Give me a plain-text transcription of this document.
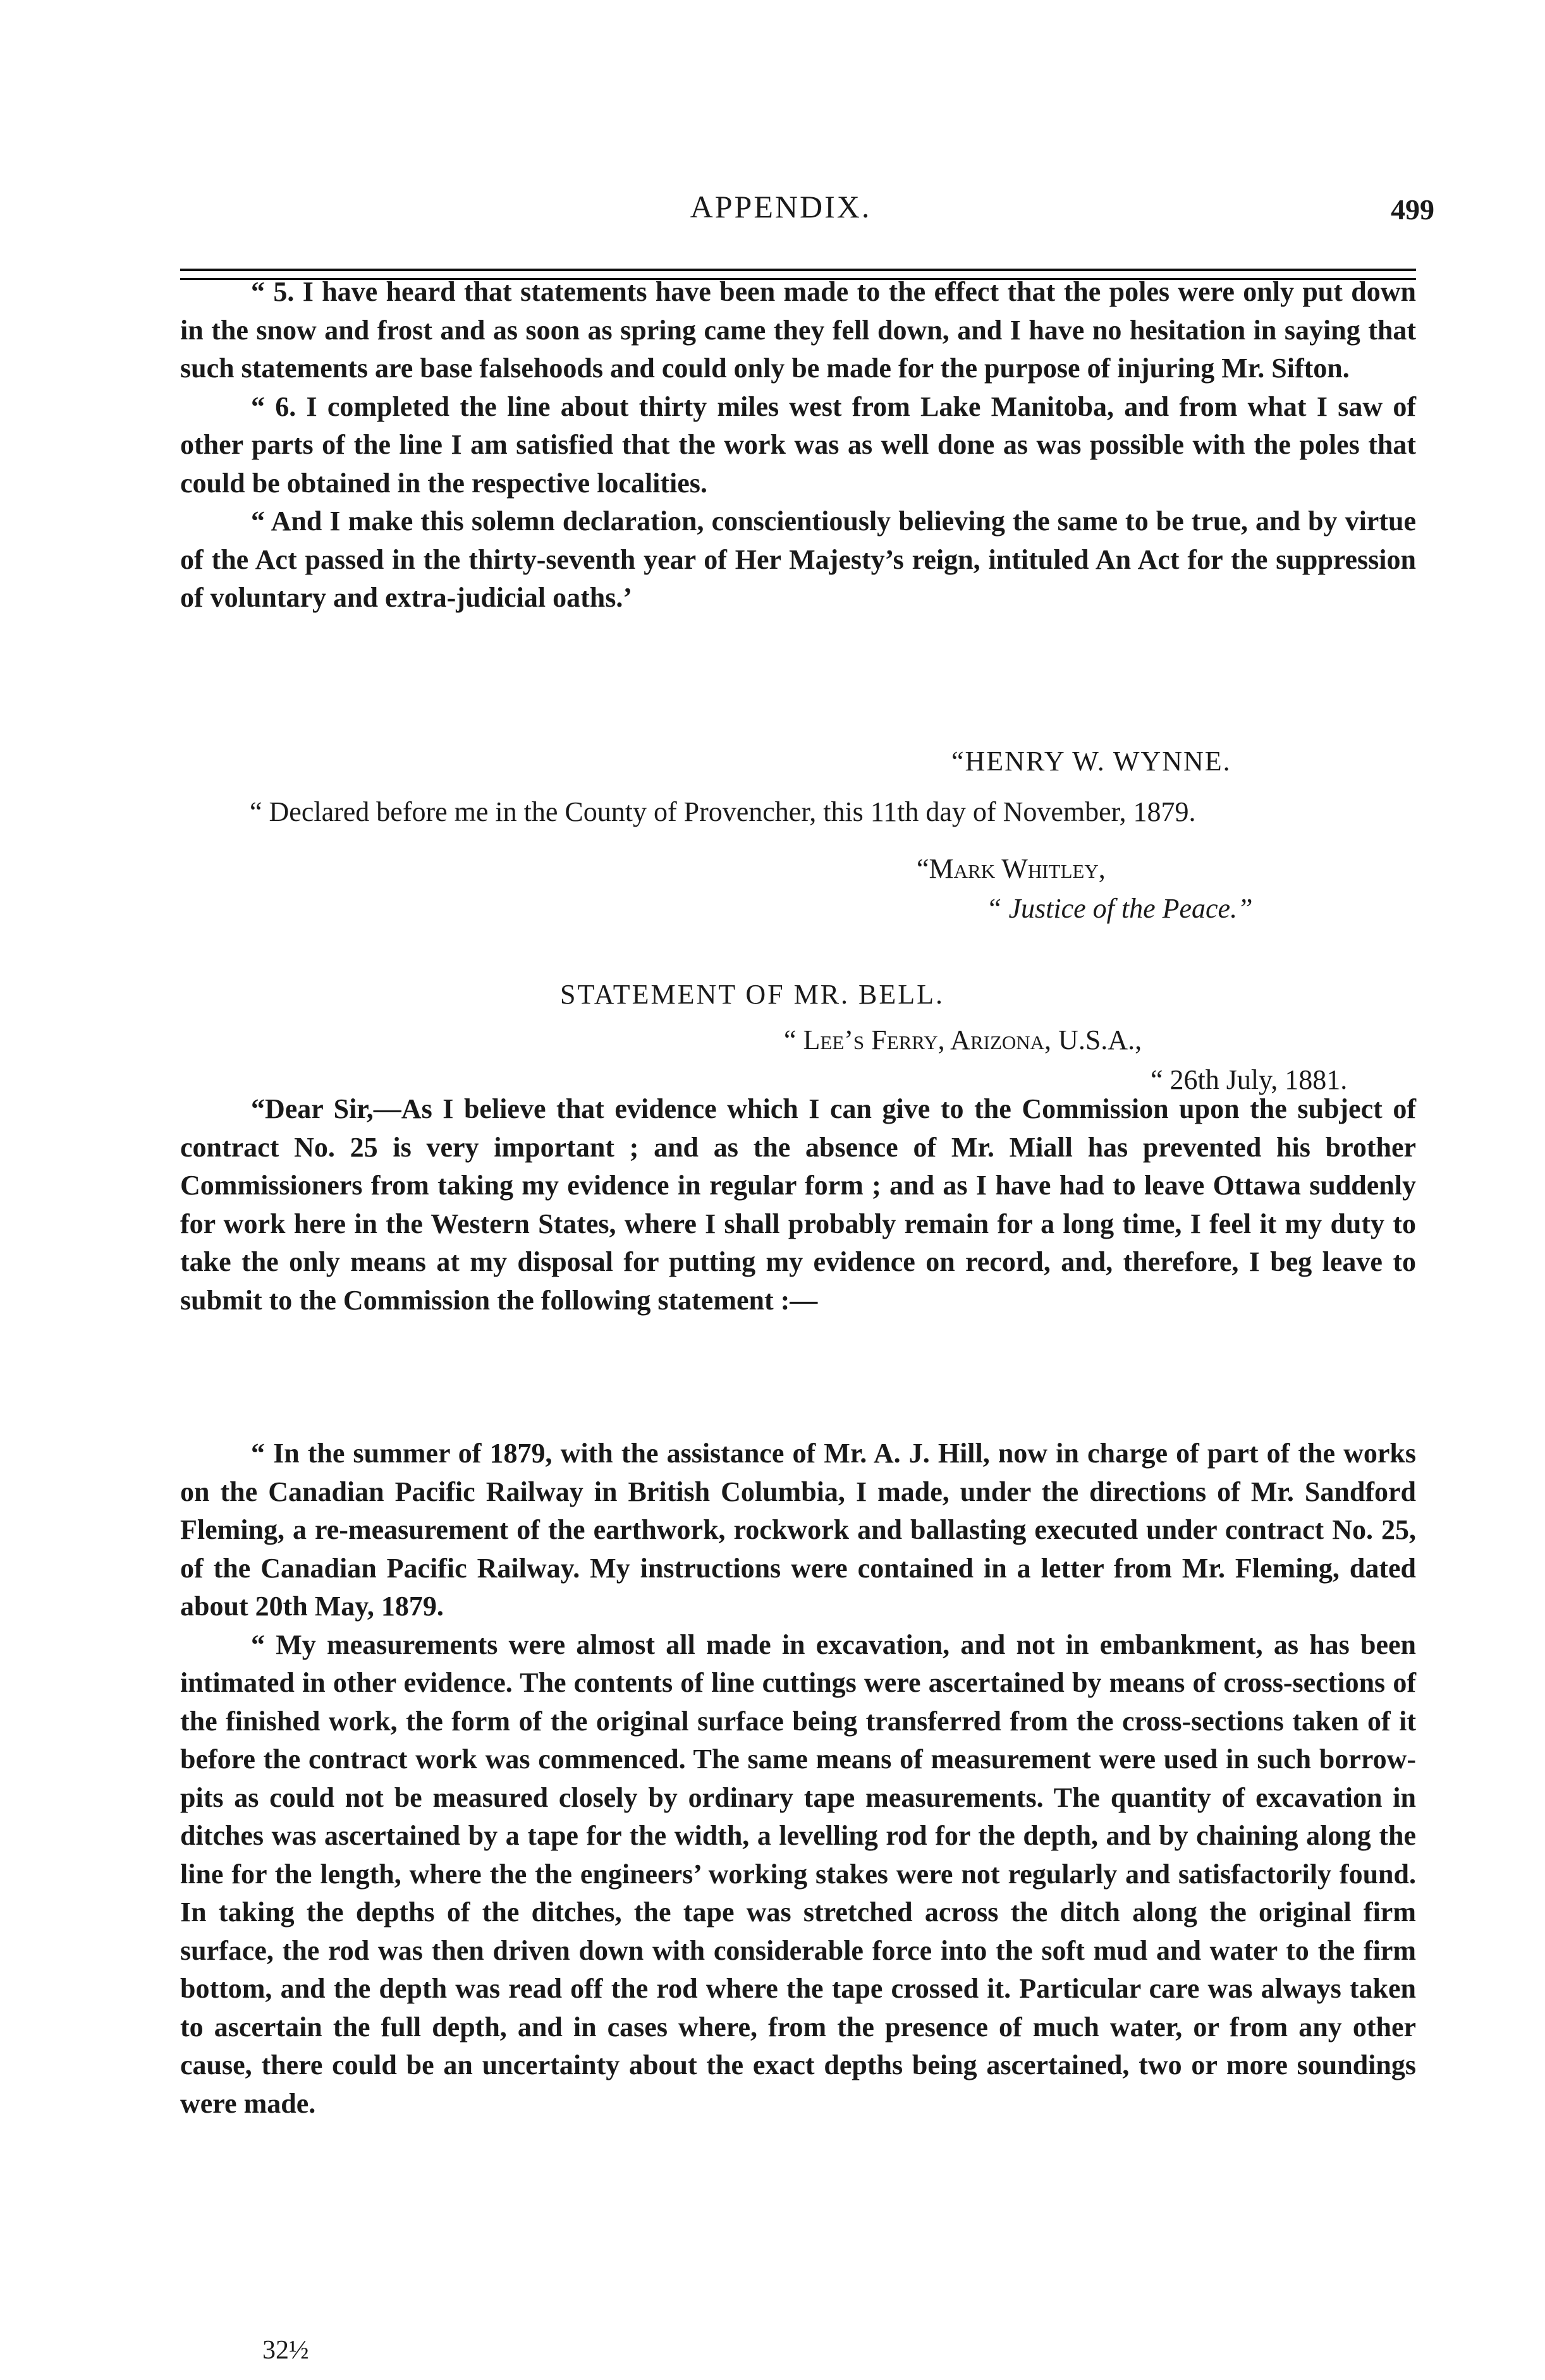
APPENDIX.	499

“ 5. I have heard that statements have been made to the effect that the poles were only put down in the snow and frost and as soon as spring came they fell down, and I have no hesitation in saying that such statements are base falsehoods and could only be made for the purpose of injuring Mr. Sifton.

“ 6. I completed the line about thirty miles west from Lake Manitoba, and from what I saw of other parts of the line I am satisfied that the work was as well done as was possible with the poles that could be obtained in the respective localities.

“ And I make this solemn declaration, conscientiously believing the same to be true, and by virtue of the Act passed in the thirty-seventh year of Her Majesty’s reign, intituled An Act for the suppression of voluntary and extra-judicial oaths.’

“HENRY W. WYNNE.
“ Declared before me in the County of Provencher, this 11th day of November, 1879.
“Mark Whitley,
“ Justice of the Peace.”
STATEMENT OF MR. BELL.
“ Lee’s Ferry, Arizona, U.S.A.,
“ 26th July, 1881.

“Dear Sir,—As I believe that evidence which I can give to the Commission upon the subject of contract No. 25 is very important ; and as the absence of Mr. Miall has prevented his brother Commissioners from taking my evidence in regular form ; and as I have had to leave Ottawa suddenly for work here in the Western States, where I shall probably remain for a long time, I feel it my duty to take the only means at my disposal for putting my evidence on record, and, therefore, I beg leave to submit to the Commission the following statement :—

“ In the summer of 1879, with the assistance of Mr. A. J. Hill, now in charge of part of the works on the Canadian Pacific Railway in British Columbia, I made, under the directions of Mr. Sandford Fleming, a re-measurement of the earthwork, rockwork and ballasting executed under contract No. 25, of the Canadian Pacific Railway. My instructions were contained in a letter from Mr. Fleming, dated about 20th May, 1879.

“ My measurements were almost all made in excavation, and not in embankment, as has been intimated in other evidence. The contents of line cuttings were ascertained by means of cross-sections of the finished work, the form of the original surface being transferred from the cross-sections taken of it before the contract work was commenced. The same means of measurement were used in such borrow-pits as could not be measured closely by ordinary tape measurements. The quantity of excavation in ditches was ascertained by a tape for the width, a levelling rod for the depth, and by chaining along the line for the length, where the the engineers’ working stakes were not regularly and satisfactorily found. In taking the depths of the ditches, the tape was stretched across the ditch along the original firm surface, the rod was then driven down with considerable force into the soft mud and water to the firm bottom, and the depth was read off the rod where the tape crossed it. Particular care was always taken to ascertain the full depth, and in cases where, from the presence of much water, or from any other cause, there could be an uncertainty about the exact depths being ascertained, two or more soundings were made.

32½
